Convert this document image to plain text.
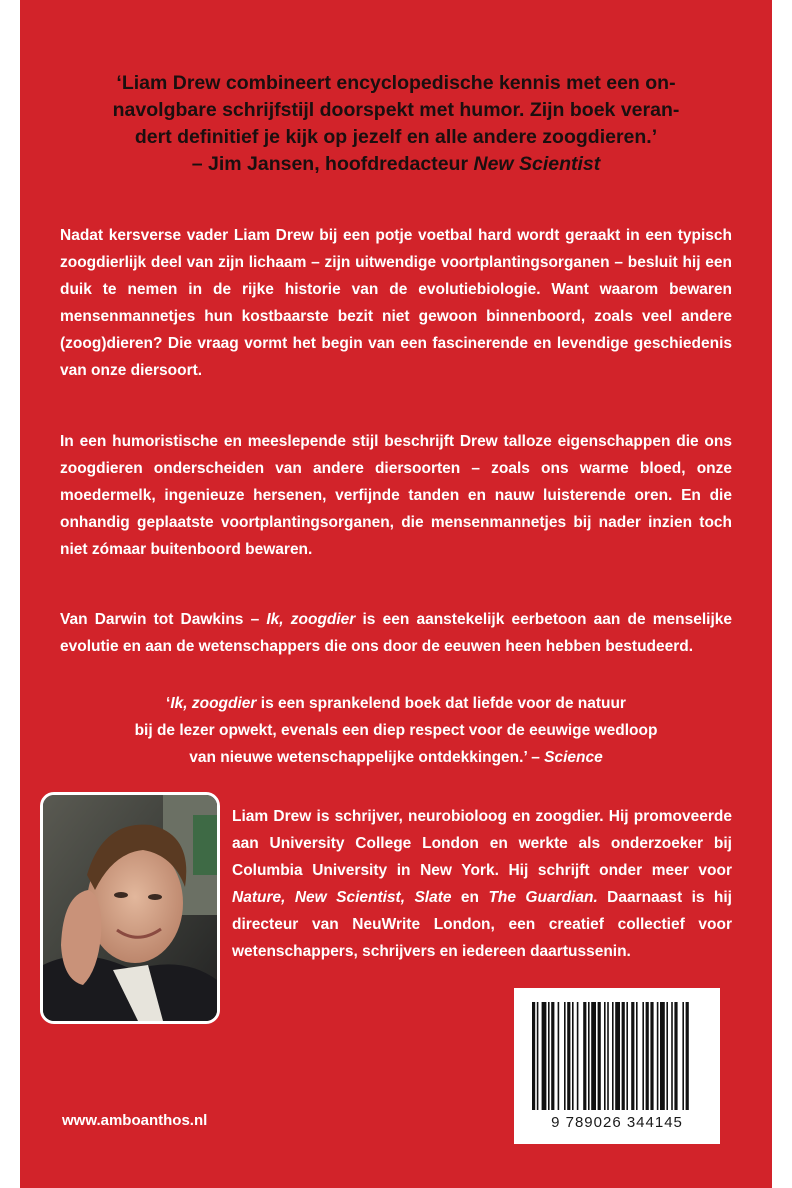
‘Liam Drew combineert encyclopedische kennis met een on-
navolgbare schrijfstijl doorspekt met humor. Zijn boek veran-
dert definitief je kijk op jezelf en alle andere zoogdieren.’

– Jim Jansen, hoofdredacteur New Scientist
Nadat kersverse vader Liam Drew bij een potje voetbal hard wordt geraakt in een typisch zoogdierlijk deel van zijn lichaam – zijn uitwendige voortplantingsorganen – besluit hij een duik te nemen in de rijke historie van de evolutiebiologie. Want waarom bewaren mensenmannetjes hun kostbaarste bezit niet gewoon binnenboord, zoals veel andere (zoog)dieren? Die vraag vormt het begin van een fascinerende en levendige geschiedenis van onze diersoort.
In een humoristische en meeslepende stijl beschrijft Drew talloze eigenschappen die ons zoogdieren onderscheiden van andere diersoorten – zoals ons warme bloed, onze moedermelk, ingenieuze hersenen, verfijnde tanden en nauw luisterende oren. En die onhandig geplaatste voortplantingsorganen, die mensenmannetjes bij nader inzien toch niet zómaar buitenboord bewaren.
Van Darwin tot Dawkins – Ik, zoogdier is een aanstekelijk eerbetoon aan de menselijke evolutie en aan de wetenschappers die ons door de eeuwen heen hebben bestudeerd.
‘Ik, zoogdier is een sprankelend boek dat liefde voor de natuur
bij de lezer opwekt, evenals een diep respect voor de eeuwige wedloop
van nieuwe wetenschappelijke ontdekkingen.’ – Science
Liam Drew is schrijver, neurobioloog en zoogdier. Hij promoveerde aan University College London en werkte als onderzoeker bij Columbia University in New York. Hij schrijft onder meer voor Nature, New Scientist, Slate en The Guardian. Daarnaast is hij directeur van NeuWrite London, een creatief collectief voor wetenschappers, schrijvers en iedereen daartussenin.
9 789026 344145
www.amboanthos.nl
